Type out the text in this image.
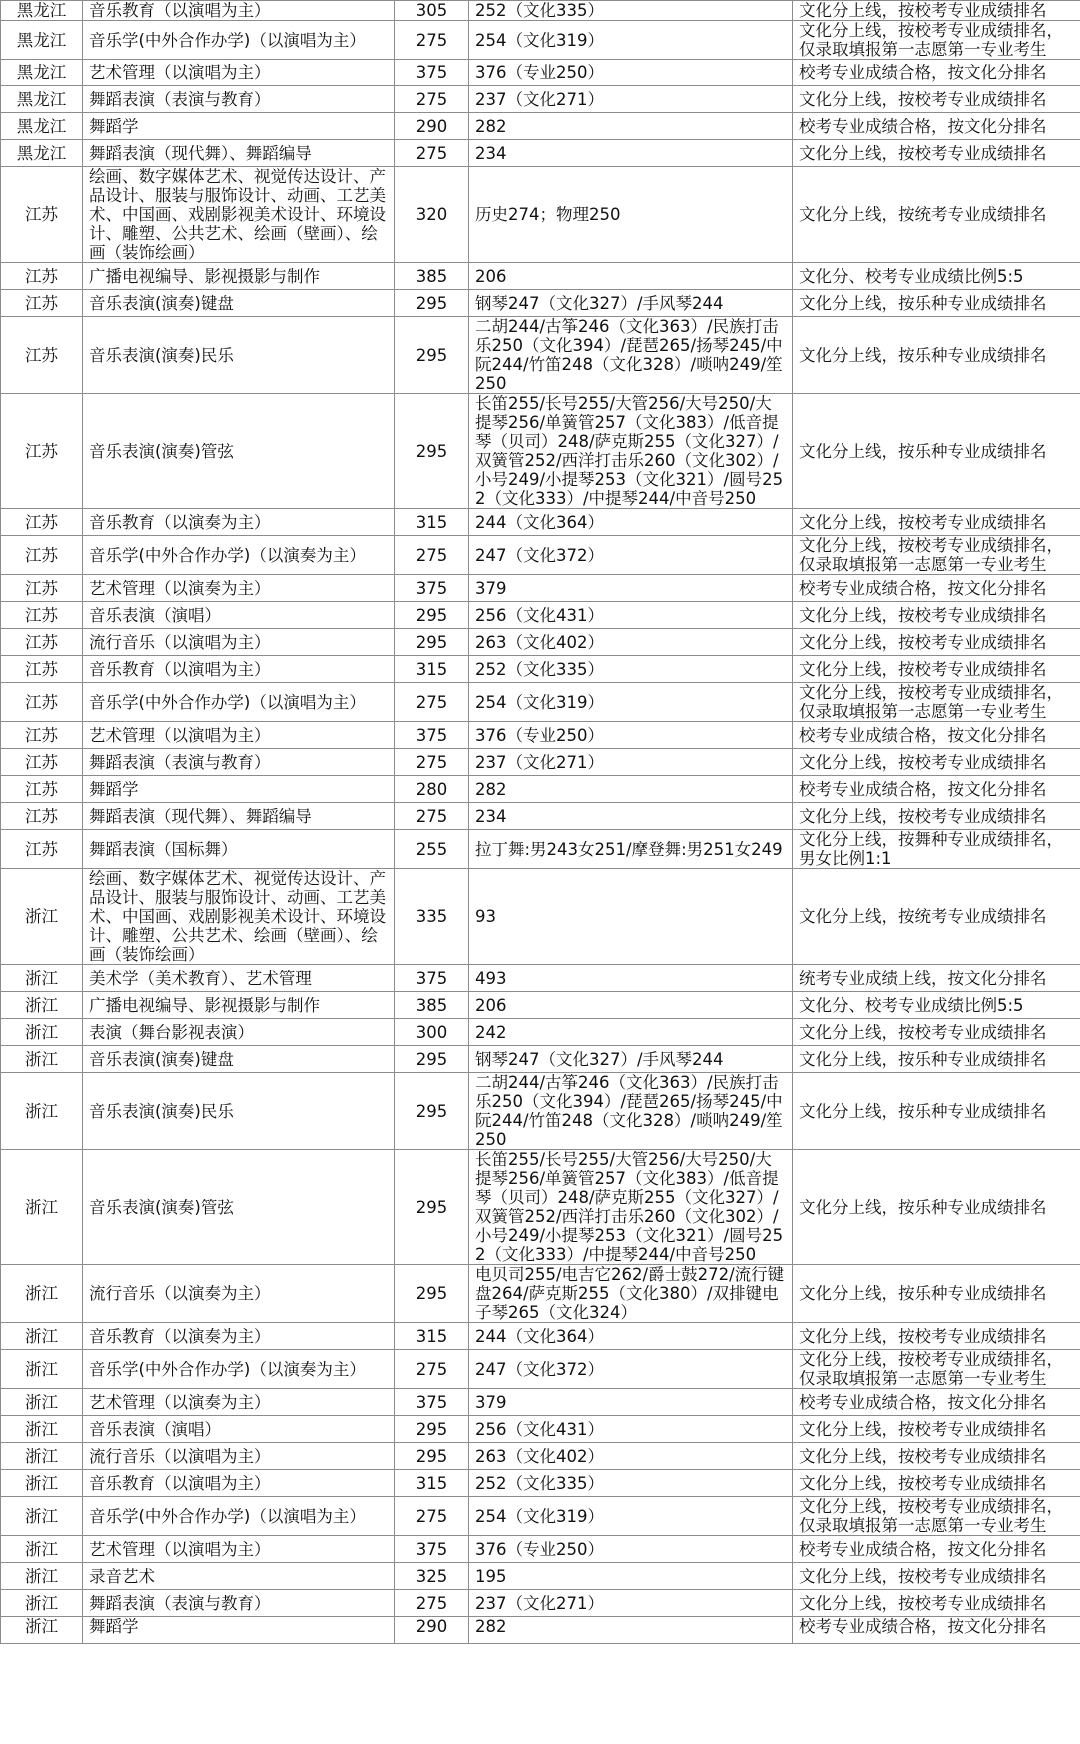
黑龙江	音乐教育（以演唱为主）	305	252（文化335）	文化分上线，按校考专业成绩排名
黑龙江	音乐学(中外合作办学)（以演唱为主）	275	254（文化319）	文化分上线，按校考专业成绩排名，仅录取填报第一志愿第一专业考生
黑龙江	艺术管理（以演唱为主）	375	376（专业250）	校考专业成绩合格，按文化分排名
黑龙江	舞蹈表演（表演与教育）	275	237（文化271）	文化分上线，按校考专业成绩排名
黑龙江	舞蹈学	290	282	校考专业成绩合格，按文化分排名
黑龙江	舞蹈表演（现代舞）、舞蹈编导	275	234	文化分上线，按校考专业成绩排名
江苏	绘画、数字媒体艺术、视觉传达设计、产品设计、服装与服饰设计、动画、工艺美术、中国画、戏剧影视美术设计、环境设计、雕塑、公共艺术、绘画（壁画）、绘画（装饰绘画）	320	历史274；物理250	文化分上线，按统考专业成绩排名
江苏	广播电视编导、影视摄影与制作	385	206	文化分、校考专业成绩比例5:5
江苏	音乐表演(演奏)键盘	295	钢琴247（文化327）/手风琴244	文化分上线，按乐种专业成绩排名
江苏	音乐表演(演奏)民乐	295	二胡244/古筝246（文化363）/民族打击乐250（文化394）/琵琶265/扬琴245/中阮244/竹笛248（文化328）/唢呐249/笙250	文化分上线，按乐种专业成绩排名
江苏	音乐表演(演奏)管弦	295	长笛255/长号255/大管256/大号250/大提琴256/单簧管257（文化383）/低音提琴（贝司）248/萨克斯255（文化327）/双簧管252/西洋打击乐260（文化302）/小号249/小提琴253（文化321）/圆号252（文化333）/中提琴244/中音号250	文化分上线，按乐种专业成绩排名
江苏	音乐教育（以演奏为主）	315	244（文化364）	文化分上线，按校考专业成绩排名
江苏	音乐学(中外合作办学)（以演奏为主）	275	247（文化372）	文化分上线，按校考专业成绩排名，仅录取填报第一志愿第一专业考生
江苏	艺术管理（以演奏为主）	375	379	校考专业成绩合格，按文化分排名
江苏	音乐表演（演唱）	295	256（文化431）	文化分上线，按校考专业成绩排名
江苏	流行音乐（以演唱为主）	295	263（文化402）	文化分上线，按校考专业成绩排名
江苏	音乐教育（以演唱为主）	315	252（文化335）	文化分上线，按校考专业成绩排名
江苏	音乐学(中外合作办学)（以演唱为主）	275	254（文化319）	文化分上线，按校考专业成绩排名，仅录取填报第一志愿第一专业考生
江苏	艺术管理（以演唱为主）	375	376（专业250）	校考专业成绩合格，按文化分排名
江苏	舞蹈表演（表演与教育）	275	237（文化271）	文化分上线，按校考专业成绩排名
江苏	舞蹈学	280	282	校考专业成绩合格，按文化分排名
江苏	舞蹈表演（现代舞）、舞蹈编导	275	234	文化分上线，按校考专业成绩排名
江苏	舞蹈表演（国标舞）	255	拉丁舞:男243女251/摩登舞:男251女249	文化分上线，按舞种专业成绩排名，男女比例1:1
浙江	绘画、数字媒体艺术、视觉传达设计、产品设计、服装与服饰设计、动画、工艺美术、中国画、戏剧影视美术设计、环境设计、雕塑、公共艺术、绘画（壁画）、绘画（装饰绘画）	335	93	文化分上线，按统考专业成绩排名
浙江	美术学（美术教育）、艺术管理	375	493	统考专业成绩上线，按文化分排名
浙江	广播电视编导、影视摄影与制作	385	206	文化分、校考专业成绩比例5:5
浙江	表演（舞台影视表演）	300	242	文化分上线，按校考专业成绩排名
浙江	音乐表演(演奏)键盘	295	钢琴247（文化327）/手风琴244	文化分上线，按乐种专业成绩排名
浙江	音乐表演(演奏)民乐	295	二胡244/古筝246（文化363）/民族打击乐250（文化394）/琵琶265/扬琴245/中阮244/竹笛248（文化328）/唢呐249/笙250	文化分上线，按乐种专业成绩排名
浙江	音乐表演(演奏)管弦	295	长笛255/长号255/大管256/大号250/大提琴256/单簧管257（文化383）/低音提琴（贝司）248/萨克斯255（文化327）/双簧管252/西洋打击乐260（文化302）/小号249/小提琴253（文化321）/圆号252（文化333）/中提琴244/中音号250	文化分上线，按乐种专业成绩排名
浙江	流行音乐（以演奏为主）	295	电贝司255/电吉它262/爵士鼓272/流行键盘264/萨克斯255（文化380）/双排键电子琴265（文化324）	文化分上线，按乐种专业成绩排名
浙江	音乐教育（以演奏为主）	315	244（文化364）	文化分上线，按校考专业成绩排名
浙江	音乐学(中外合作办学)（以演奏为主）	275	247（文化372）	文化分上线，按校考专业成绩排名，仅录取填报第一志愿第一专业考生
浙江	艺术管理（以演奏为主）	375	379	校考专业成绩合格，按文化分排名
浙江	音乐表演（演唱）	295	256（文化431）	文化分上线，按校考专业成绩排名
浙江	流行音乐（以演唱为主）	295	263（文化402）	文化分上线，按校考专业成绩排名
浙江	音乐教育（以演唱为主）	315	252（文化335）	文化分上线，按校考专业成绩排名
浙江	音乐学(中外合作办学)（以演唱为主）	275	254（文化319）	文化分上线，按校考专业成绩排名，仅录取填报第一志愿第一专业考生
浙江	艺术管理（以演唱为主）	375	376（专业250）	校考专业成绩合格，按文化分排名
浙江	录音艺术	325	195	文化分上线，按校考专业成绩排名
浙江	舞蹈表演（表演与教育）	275	237（文化271）	文化分上线，按校考专业成绩排名
浙江	舞蹈学	290	282	校考专业成绩合格，按文化分排名
